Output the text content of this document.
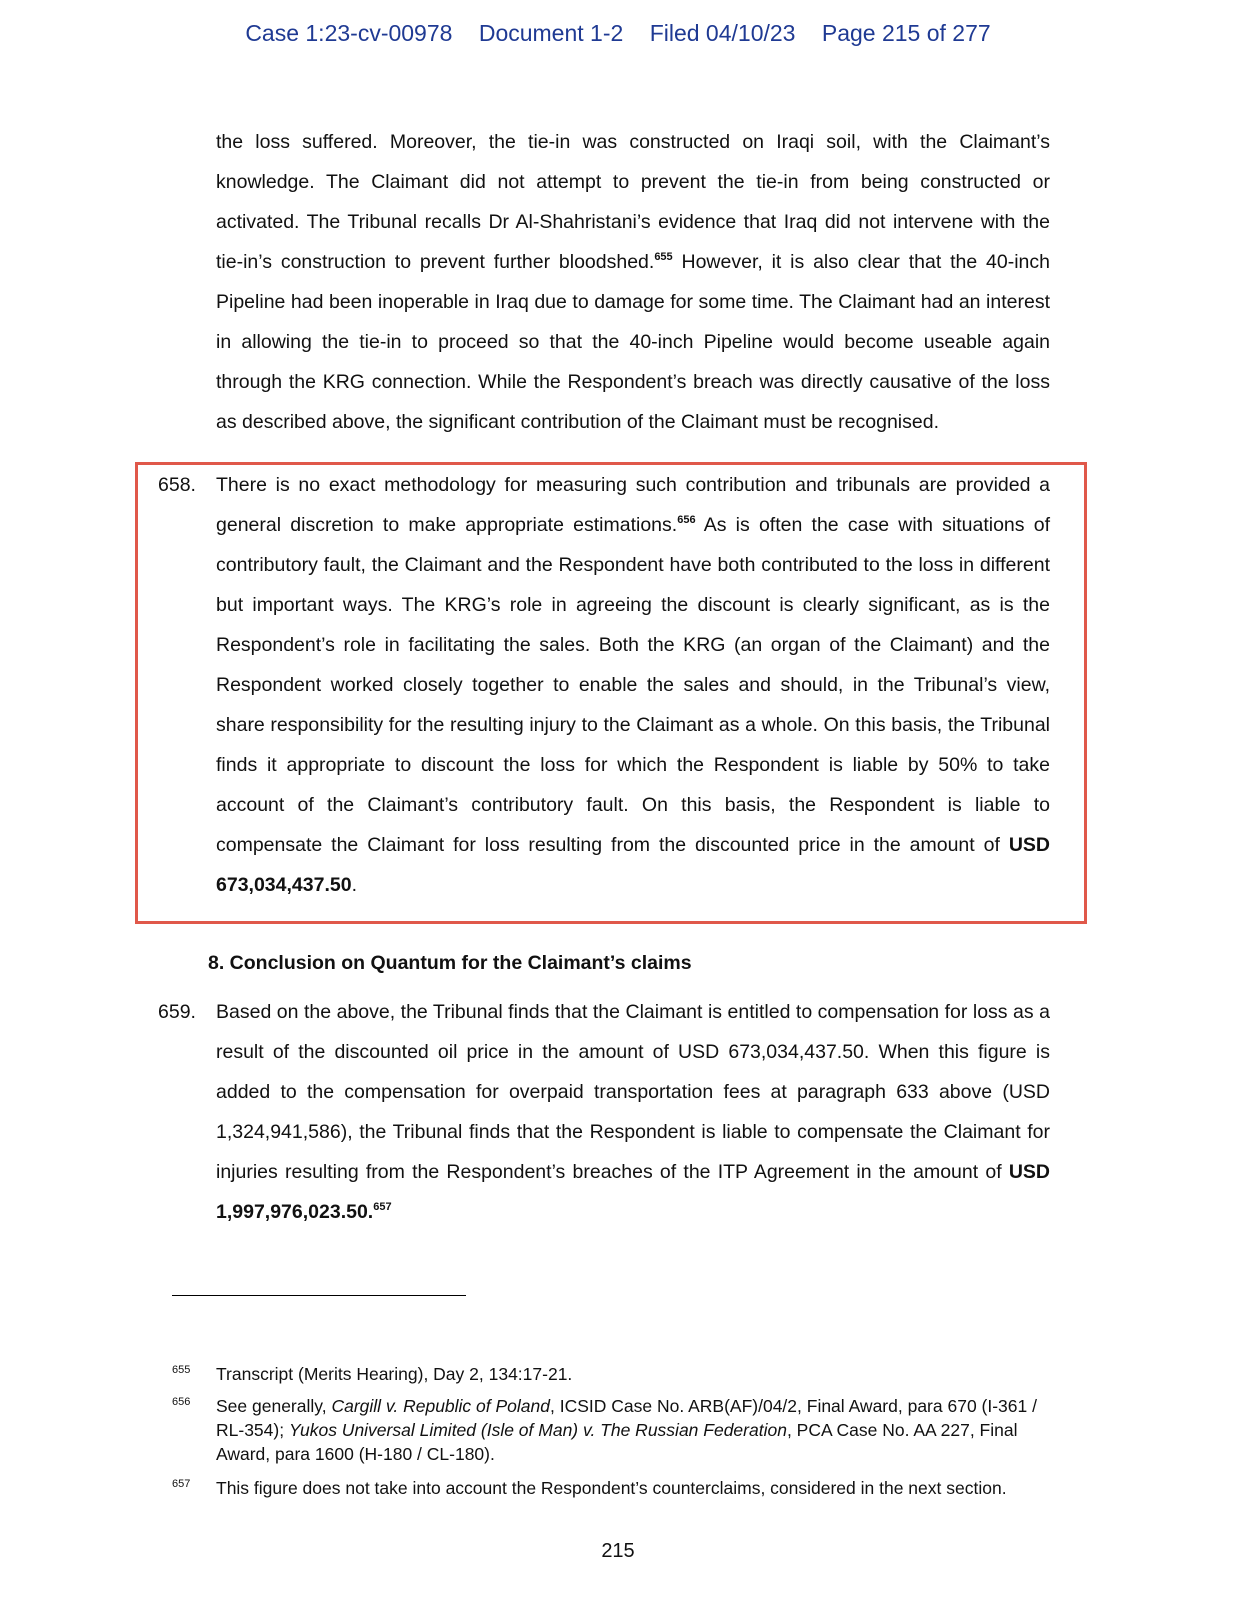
Case 1:23-cv-00978 Document 1-2 Filed 04/10/23 Page 215 of 277
the loss suffered. Moreover, the tie-in was constructed on Iraqi soil, with the Claimant’s knowledge. The Claimant did not attempt to prevent the tie-in from being constructed or activated. The Tribunal recalls Dr Al-Shahristani’s evidence that Iraq did not intervene with the tie-in’s construction to prevent further bloodshed.$^{655}$ However, it is also clear that the 40-inch Pipeline had been inoperable in Iraq due to damage for some time. The Claimant had an interest in allowing the tie-in to proceed so that the 40-inch Pipeline would become useable again through the KRG connection. While the Respondent’s breach was directly causative of the loss as described above, the significant contribution of the Claimant must be recognised.
658. There is no exact methodology for measuring such contribution and tribunals are provided a general discretion to make appropriate estimations.$^{656}$ As is often the case with situations of contributory fault, the Claimant and the Respondent have both contributed to the loss in different but important ways. The KRG’s role in agreeing the discount is clearly significant, as is the Respondent’s role in facilitating the sales. Both the KRG (an organ of the Claimant) and the Respondent worked closely together to enable the sales and should, in the Tribunal’s view, share responsibility for the resulting injury to the Claimant as a whole. On this basis, the Tribunal finds it appropriate to discount the loss for which the Respondent is liable by 50% to take account of the Claimant’s contributory fault. On this basis, the Respondent is liable to compensate the Claimant for loss resulting from the discounted price in the amount of USD 673,034,437.50.
8. Conclusion on Quantum for the Claimant’s claims
659. Based on the above, the Tribunal finds that the Claimant is entitled to compensation for loss as a result of the discounted oil price in the amount of USD 673,034,437.50. When this figure is added to the compensation for overpaid transportation fees at paragraph 633 above (USD 1,324,941,586), the Tribunal finds that the Respondent is liable to compensate the Claimant for injuries resulting from the Respondent’s breaches of the ITP Agreement in the amount of USD 1,997,976,023.50.$^{657}$
655 Transcript (Merits Hearing), Day 2, 134:17-21.
656 See generally, Cargill v. Republic of Poland, ICSID Case No. ARB(AF)/04/2, Final Award, para 670 (I-361 / RL-354); Yukos Universal Limited (Isle of Man) v. The Russian Federation, PCA Case No. AA 227, Final Award, para 1600 (H-180 / CL-180).
657 This figure does not take into account the Respondent’s counterclaims, considered in the next section.
215
